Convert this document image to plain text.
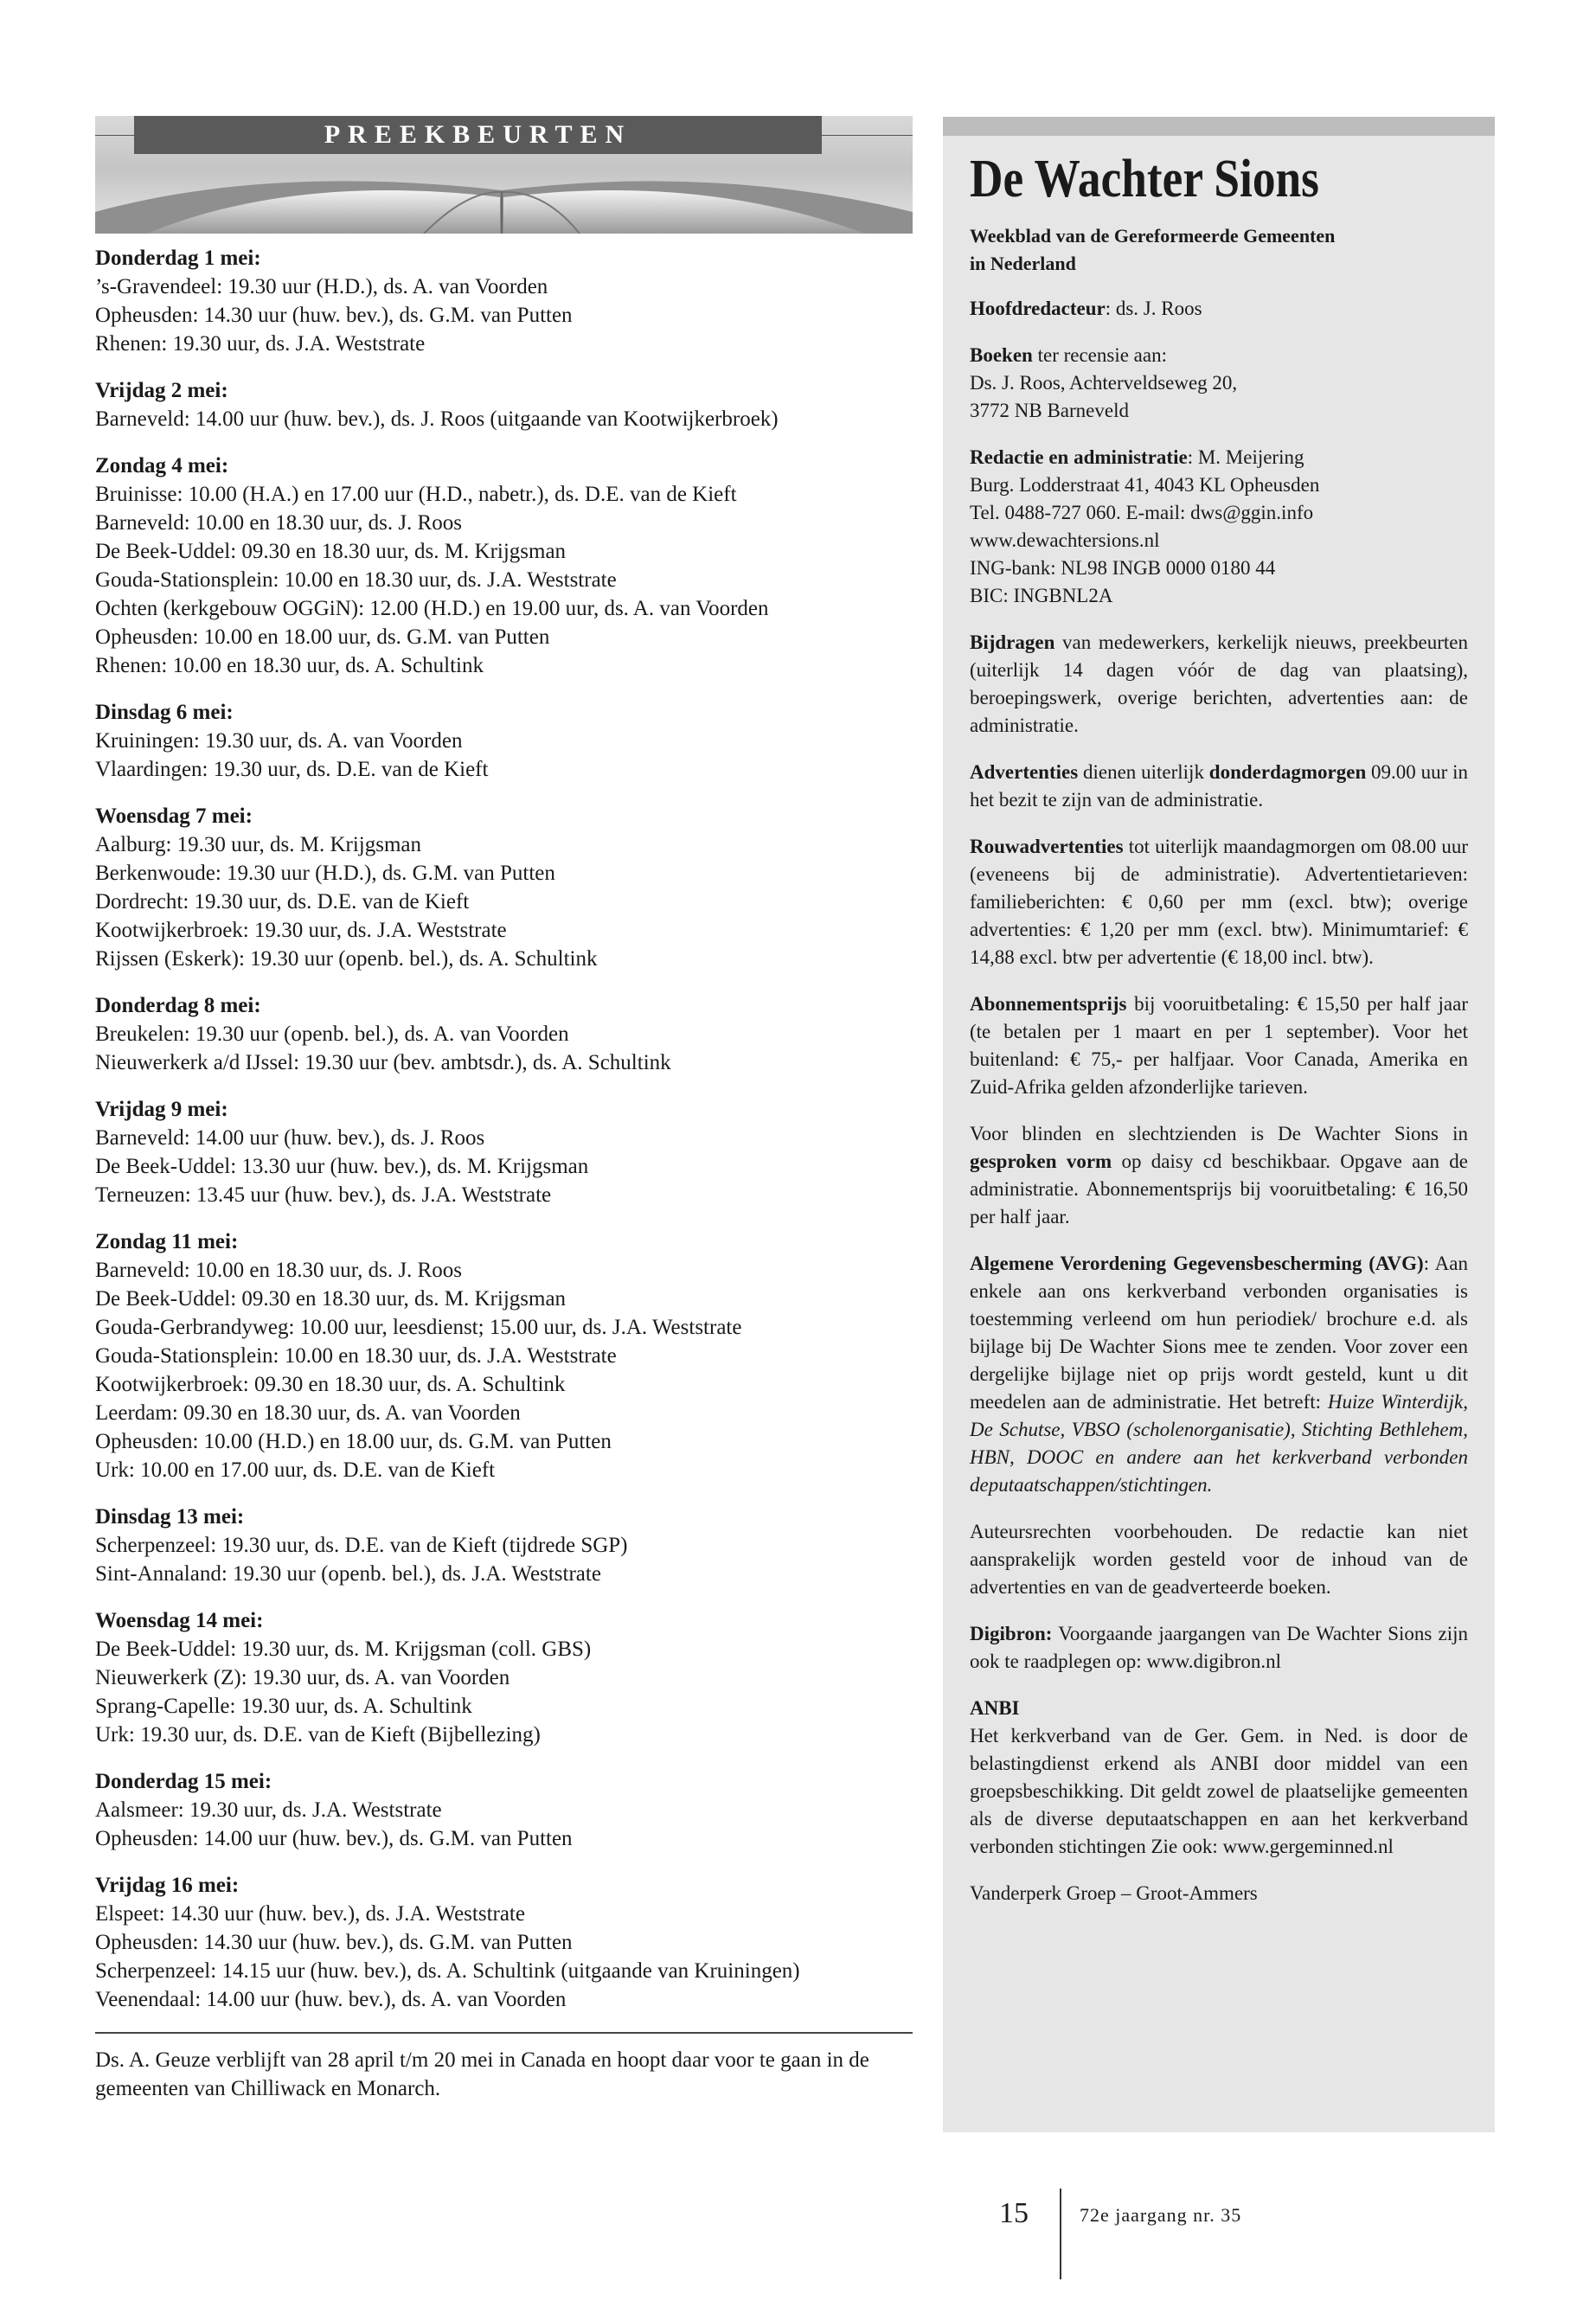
PREEKBEURTEN
Donderdag 1 mei:
’s-Gravendeel: 19.30 uur (H.D.), ds. A. van Voorden
Opheusden: 14.30 uur (huw. bev.), ds. G.M. van Putten
Rhenen: 19.30 uur, ds. J.A. Weststrate
Vrijdag 2 mei:
Barneveld: 14.00 uur (huw. bev.), ds. J. Roos (uitgaande van Kootwijkerbroek)
Zondag 4 mei:
Bruinisse: 10.00 (H.A.) en 17.00 uur (H.D., nabetr.), ds. D.E. van de Kieft
Barneveld: 10.00 en 18.30 uur, ds. J. Roos
De Beek-Uddel: 09.30 en 18.30 uur, ds. M. Krijgsman
Gouda-Stationsplein: 10.00 en 18.30 uur, ds. J.A. Weststrate
Ochten (kerkgebouw OGGiN): 12.00 (H.D.) en 19.00 uur, ds. A. van Voorden
Opheusden: 10.00 en 18.00 uur, ds. G.M. van Putten
Rhenen: 10.00 en 18.30 uur, ds. A. Schultink
Dinsdag 6 mei:
Kruiningen: 19.30 uur, ds. A. van Voorden
Vlaardingen: 19.30 uur, ds. D.E. van de Kieft
Woensdag 7 mei:
Aalburg: 19.30 uur, ds. M. Krijgsman
Berkenwoude: 19.30 uur (H.D.), ds. G.M. van Putten
Dordrecht: 19.30 uur, ds. D.E. van de Kieft
Kootwijkerbroek: 19.30 uur, ds. J.A. Weststrate
Rijssen (Eskerk): 19.30 uur (openb. bel.), ds. A. Schultink
Donderdag 8 mei:
Breukelen: 19.30 uur (openb. bel.), ds. A. van Voorden
Nieuwerkerk a/d IJssel: 19.30 uur (bev. ambtsdr.), ds. A. Schultink
Vrijdag 9 mei:
Barneveld: 14.00 uur (huw. bev.), ds. J. Roos
De Beek-Uddel: 13.30 uur (huw. bev.), ds. M. Krijgsman
Terneuzen: 13.45 uur (huw. bev.), ds. J.A. Weststrate
Zondag 11 mei:
Barneveld: 10.00 en 18.30 uur, ds. J. Roos
De Beek-Uddel: 09.30 en 18.30 uur, ds. M. Krijgsman
Gouda-Gerbrandyweg: 10.00 uur, leesdienst; 15.00 uur, ds. J.A. Weststrate
Gouda-Stationsplein: 10.00 en 18.30 uur, ds. J.A. Weststrate
Kootwijkerbroek: 09.30 en 18.30 uur, ds. A. Schultink
Leerdam: 09.30 en 18.30 uur, ds. A. van Voorden
Opheusden: 10.00 (H.D.) en 18.00 uur, ds. G.M. van Putten
Urk: 10.00 en 17.00 uur, ds. D.E. van de Kieft
Dinsdag 13 mei:
Scherpenzeel: 19.30 uur, ds. D.E. van de Kieft (tijdrede SGP)
Sint-Annaland: 19.30 uur (openb. bel.), ds. J.A. Weststrate
Woensdag 14 mei:
De Beek-Uddel: 19.30 uur, ds. M. Krijgsman (coll. GBS)
Nieuwerkerk (Z): 19.30 uur, ds. A. van Voorden
Sprang-Capelle: 19.30 uur, ds. A. Schultink
Urk: 19.30 uur, ds. D.E. van de Kieft (Bijbellezing)
Donderdag 15 mei:
Aalsmeer: 19.30 uur, ds. J.A. Weststrate
Opheusden: 14.00 uur (huw. bev.), ds. G.M. van Putten
Vrijdag 16 mei:
Elspeet: 14.30 uur (huw. bev.), ds. J.A. Weststrate
Opheusden: 14.30 uur (huw. bev.), ds. G.M. van Putten
Scherpenzeel: 14.15 uur (huw. bev.), ds. A. Schultink (uitgaande van Kruiningen)
Veenendaal: 14.00 uur (huw. bev.), ds. A. van Voorden
Ds. A. Geuze verblijft van 28 april t/m 20 mei in Canada en hoopt daar voor te gaan in de gemeenten van Chilliwack en Monarch.
De Wachter Sions
Weekblad van de Gereformeerde Gemeenten
in Nederland
Hoofdredacteur: ds. J. Roos
Boeken ter recensie aan:
Ds. J. Roos, Achterveldseweg 20,
3772 NB Barneveld
Redactie en administratie: M. Meijering
Burg. Lodderstraat 41, 4043 KL Opheusden
Tel. 0488-727 060. E-mail: dws@ggin.info
www.dewachtersions.nl
ING-bank: NL98 INGB 0000 0180 44
BIC: INGBNL2A
Bijdragen van medewerkers, kerkelijk nieuws, preekbeurten (uiterlijk 14 dagen vóór de dag van plaatsing), beroepingswerk, overige berichten, advertenties aan: de administratie.
Advertenties dienen uiterlijk donderdagmorgen 09.00 uur in het bezit te zijn van de administratie.
Rouwadvertenties tot uiterlijk maandagmorgen om 08.00 uur (eveneens bij de administratie). Advertentietarieven: familieberichten: € 0,60 per mm (excl. btw); overige advertenties: € 1,20 per mm (excl. btw). Minimumtarief: € 14,88 excl. btw per advertentie (€ 18,00 incl. btw).
Abonnementsprijs bij vooruitbetaling: € 15,50 per half jaar (te betalen per 1 maart en per 1 september). Voor het buitenland: € 75,- per halfjaar. Voor Canada, Amerika en Zuid-Afrika gelden afzonderlijke tarieven.
Voor blinden en slechtzienden is De Wachter Sions in gesproken vorm op daisy cd beschikbaar. Opgave aan de administratie. Abonnementsprijs bij vooruitbetaling: € 16,50 per half jaar.
Algemene Verordening Gegevensbescherming (AVG): Aan enkele aan ons kerkverband verbonden organisaties is toestemming verleend om hun periodiek/ brochure e.d. als bijlage bij De Wachter Sions mee te zenden. Voor zover een dergelijke bijlage niet op prijs wordt gesteld, kunt u dit meedelen aan de administratie. Het betreft: Huize Winterdijk, De Schutse, VBSO (scholenorganisatie), Stichting Bethlehem, HBN, DOOC en andere aan het kerkverband verbonden deputaatschappen/stichtingen.
Auteursrechten voorbehouden. De redactie kan niet aansprakelijk worden gesteld voor de inhoud van de advertenties en van de geadverteerde boeken.
Digibron: Voorgaande jaargangen van De Wachter Sions zijn ook te raadplegen op: www.digibron.nl
ANBI
Het kerkverband van de Ger. Gem. in Ned. is door de belastingdienst erkend als ANBI door middel van een groepsbeschikking. Dit geldt zowel de plaatselijke gemeenten als de diverse deputaatschappen en aan het kerkverband verbonden stichtingen Zie ook: www.gergeminned.nl
Vanderperk Groep – Groot-Ammers
15	72e jaargang nr. 35
